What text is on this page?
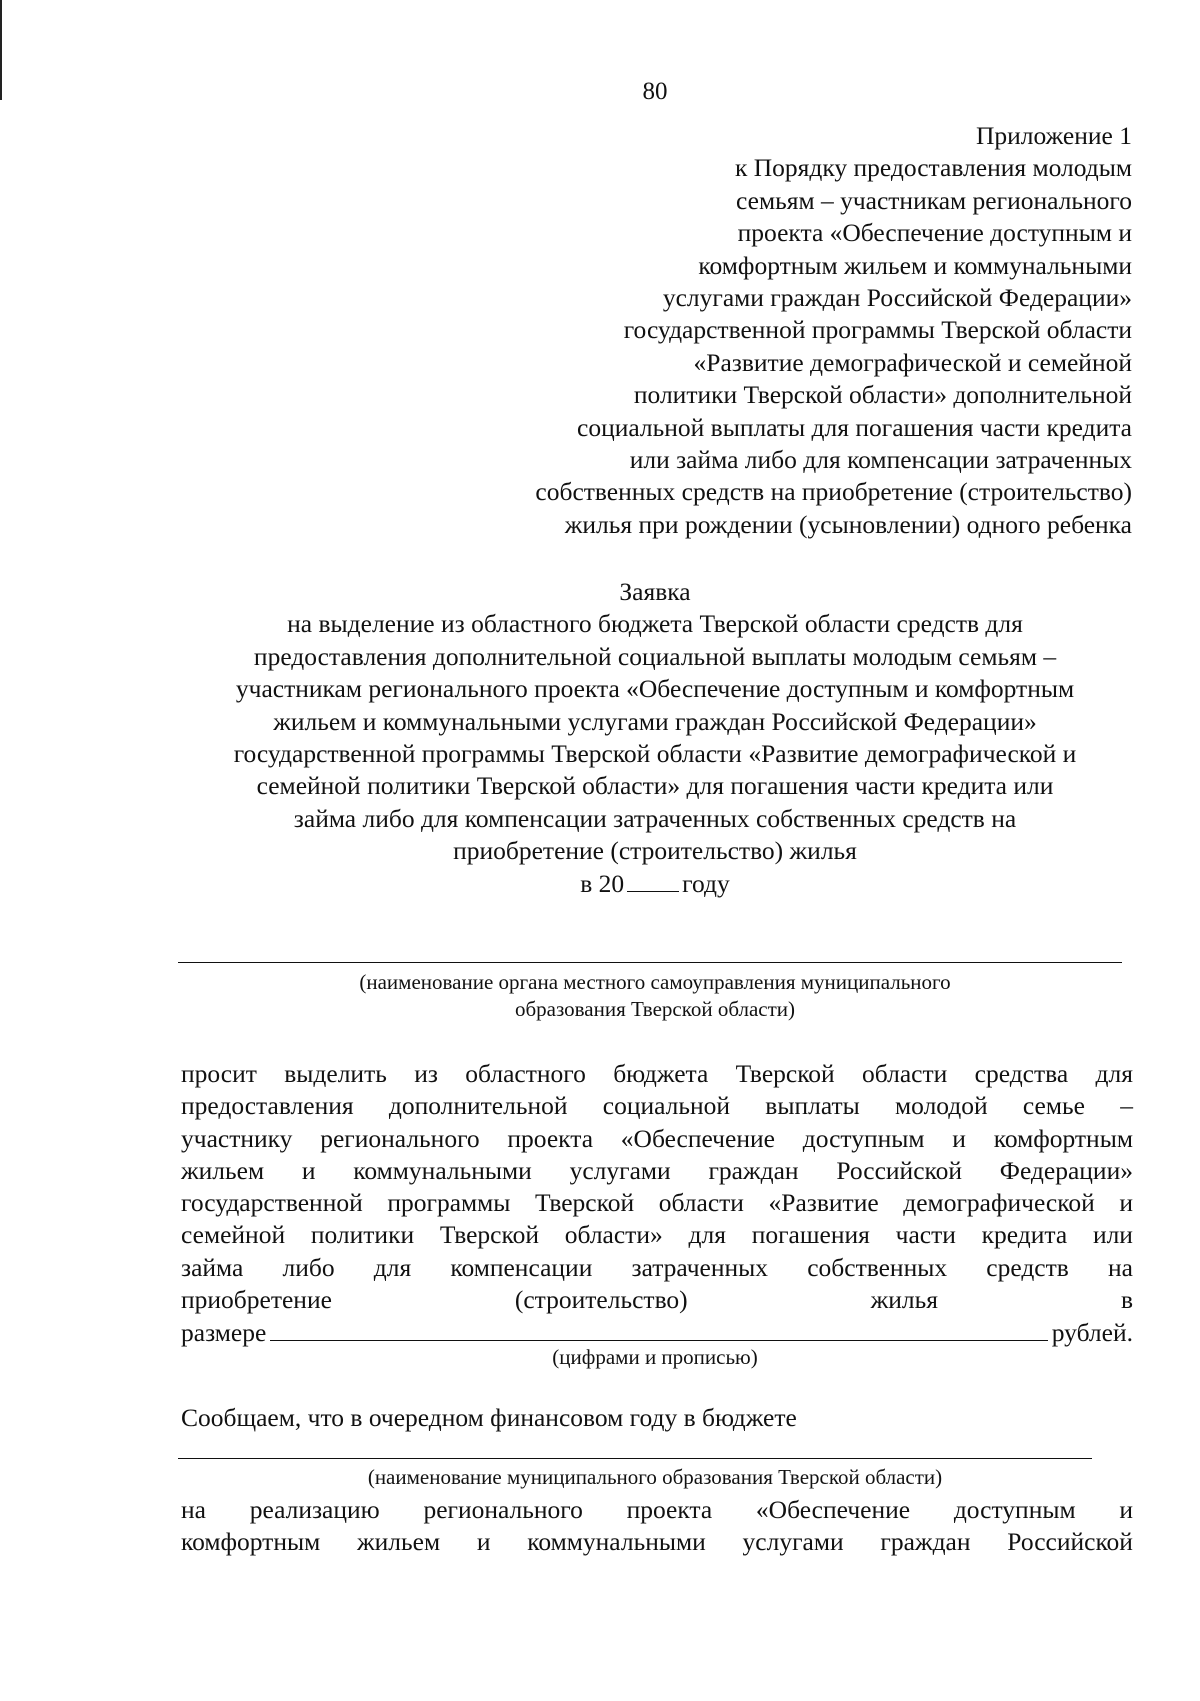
80
Приложение 1
к Порядку предоставления молодым
семьям – участникам регионального
проекта «Обеспечение доступным и
комфортным жильем и коммунальными
услугами граждан Российской Федерации»
государственной программы Тверской области
«Развитие демографической и семейной
политики Тверской области» дополнительной
социальной выплаты для погашения части кредита
или займа либо для компенсации затраченных
собственных средств на приобретение (строительство)
жилья при рождении (усыновлении) одного ребенка
Заявка
на выделение из областного бюджета Тверской области средств для
предоставления дополнительной социальной выплаты молодым семьям –
участникам регионального проекта «Обеспечение доступным и комфортным
жильем и коммунальными услугами граждан Российской Федерации»
государственной программы Тверской области «Развитие демографической и
семейной политики Тверской области» для погашения части кредита или
займа либо для компенсации затраченных собственных средств на
приобретение (строительство) жилья
в 20 году
(наименование органа местного самоуправления муниципального
образования Тверской области)
просит выделить из областного бюджета Тверской области средства для
предоставления дополнительной социальной выплаты молодой семье –
участнику регионального проекта «Обеспечение доступным и комфортным
жильем и коммунальными услугами граждан Российской Федерации»
государственной программы Тверской области «Развитие демографической и
семейной политики Тверской области» для погашения части кредита или
займа либо для компенсации затраченных собственных средств на
приобретение	(строительство)	жилья	в
размере	рублей.
(цифрами и прописью)
Сообщаем, что в очередном финансовом году в бюджете
(наименование муниципального образования Тверской области)
на реализацию регионального проекта «Обеспечение доступным и
комфортным жильем и коммунальными услугами граждан Российской
